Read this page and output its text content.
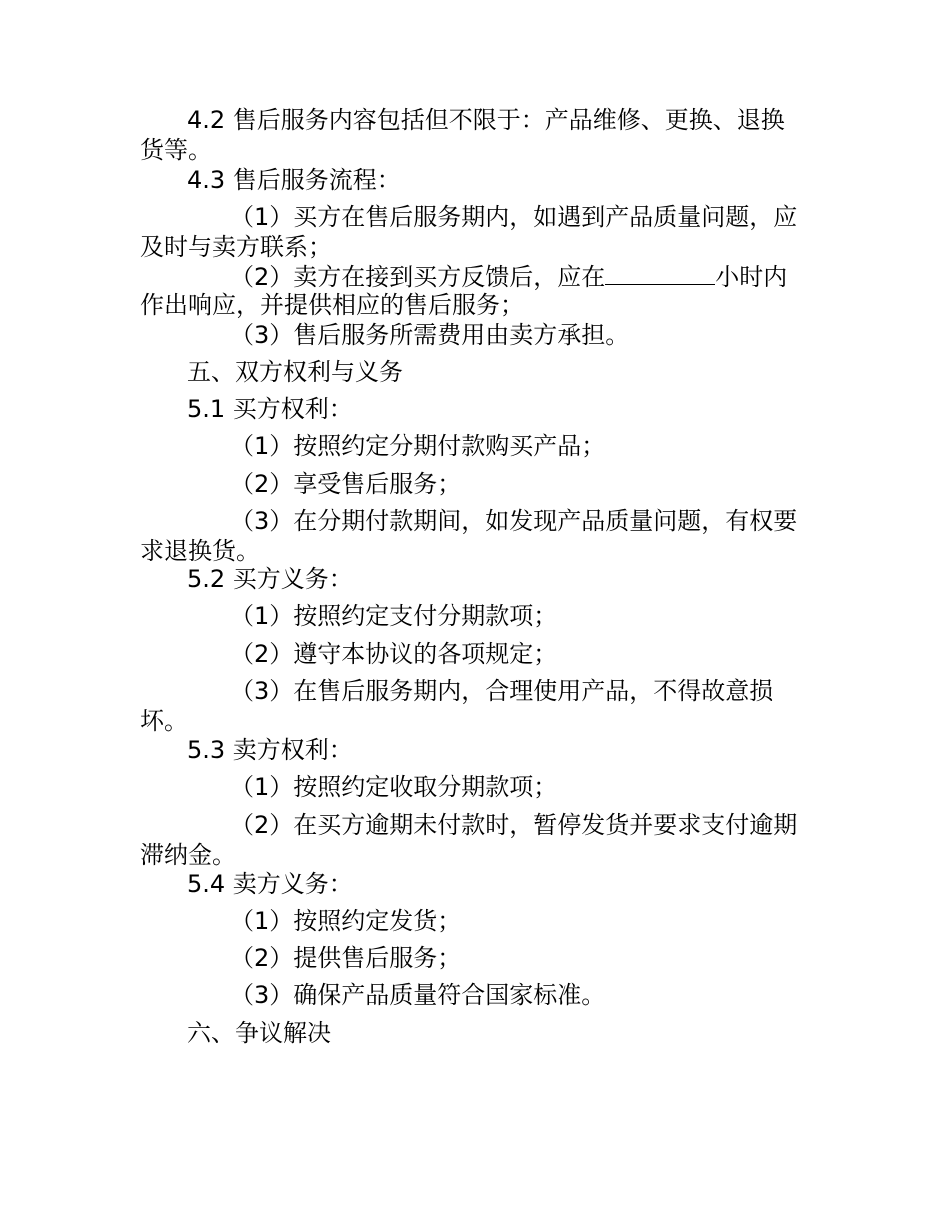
4.2 售后服务内容包括但不限于：产品维修、更换、退换
货等。
4.3 售后服务流程：
（1）买方在售后服务期内，如遇到产品质量问题，应
及时与卖方联系；
（2）卖方在接到买方反馈后，应在	小时内
作出响应，并提供相应的售后服务；
（3）售后服务所需费用由卖方承担。
五、双方权利与义务
5.1 买方权利：
（1）按照约定分期付款购买产品；
（2）享受售后服务；
（3）在分期付款期间，如发现产品质量问题，有权要
求退换货。
5.2 买方义务：
（1）按照约定支付分期款项；
（2）遵守本协议的各项规定；
（3）在售后服务期内，合理使用产品，不得故意损
坏。
5.3 卖方权利：
（1）按照约定收取分期款项；
（2）在买方逾期未付款时，暂停发货并要求支付逾期
滞纳金。
5.4 卖方义务：
（1）按照约定发货；
（2）提供售后服务；
（3）确保产品质量符合国家标准。
六、争议解决
